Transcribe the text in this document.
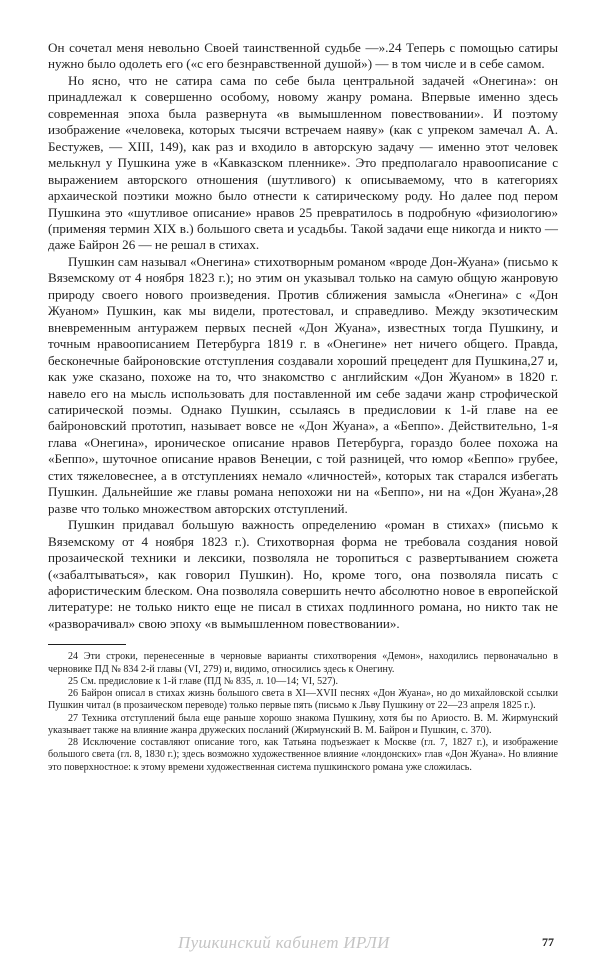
Он сочетал меня невольно Своей таинственной судьбе —».24 Теперь с помощью сатиры нужно было одолеть его («с его безнравственной душой») — в том числе и в себе самом.

Но ясно, что не сатира сама по себе была центральной задачей «Онегина»: он принадлежал к совершенно особому, новому жанру романа. Впервые именно здесь современная эпоха была развернута «в вымышленном повествовании». И поэтому изображение «человека, которых тысячи встречаем наяву» (как с упреком замечал А. А. Бестужев, — XIII, 149), как раз и входило в авторскую задачу — именно этот человек мелькнул у Пушкина уже в «Кавказском пленнике». Это предполагало нравоописание с выражением авторского отношения (шутливого) к описываемому, что в категориях архаической поэтики можно было отнести к сатирическому роду. Но далее под пером Пушкина это «шутливое описание» нравов 25 превратилось в подробную «физиологию» (применяя термин XIX в.) большого света и усадьбы. Такой задачи еще никогда и никто — даже Байрон 26 — не решал в стихах.

Пушкин сам называл «Онегина» стихотворным романом «вроде Дон-Жуана» (письмо к Вяземскому от 4 ноября 1823 г.); но этим он указывал только на самую общую жанровую природу своего нового произведения. Против сближения замысла «Онегина» с «Дон Жуаном» Пушкин, как мы видели, протестовал, и справедливо. Между экзотическим вневременным антуражем первых песней «Дон Жуана», известных тогда Пушкину, и точным нравоописанием Петербурга 1819 г. в «Онегине» нет ничего общего. Правда, бесконечные байроновские отступления создавали хороший прецедент для Пушкина,27 и, как уже сказано, похоже на то, что знакомство с английским «Дон Жуаном» в 1820 г. навело его на мысль использовать для поставленной им себе задачи жанр строфической сатирической поэмы. Однако Пушкин, ссылаясь в предисловии к 1-й главе на ее байроновский прототип, называет вовсе не «Дон Жуана», а «Беппо». Действительно, 1-я глава «Онегина», ироническое описание нравов Петербурга, гораздо более похожа на «Беппо», шуточное описание нравов Венеции, с той разницей, что юмор «Беппо» грубее, стих тяжеловеснее, а в отступлениях немало «личностей», которых так старался избегать Пушкин. Дальнейшие же главы романа непохожи ни на «Беппо», ни на «Дон Жуана»,28 разве что только множеством авторских отступлений.

Пушкин придавал большую важность определению «роман в стихах» (письмо к Вяземскому от 4 ноября 1823 г.). Стихотворная форма не требовала создания новой прозаической техники и лексики, позволяла не торопиться с развертыванием сюжета («забалтываться», как говорил Пушкин). Но, кроме того, она позволяла писать с афористическим блеском. Она позволяла совершить нечто абсолютно новое в европейской литературе: не только никто еще не писал в стихах подлинного романа, но никто так не «разворачивал» свою эпоху «в вымышленном повествовании».

24 Эти строки, перенесенные в черновые варианты стихотворения «Демон», находились первоначально в черновике ПД № 834 2-й главы (VI, 279) и, видимо, относились здесь к Онегину.

25 См. предисловие к 1-й главе (ПД № 835, л. 10—14; VI, 527).

26 Байрон описал в стихах жизнь большого света в XI—XVII песнях «Дон Жуана», но до михайловской ссылки Пушкин читал (в прозаическом переводе) только первые пять (письмо к Льву Пушкину от 22—23 апреля 1825 г.).

27 Техника отступлений была еще раньше хорошо знакома Пушкину, хотя бы по Ариосто. В. М. Жирмунский указывает также на влияние жанра дружеских посланий (Жирмунский В. М. Байрон и Пушкин, с. 370).

28 Исключение составляют описание того, как Татьяна подъезжает к Москве (гл. 7, 1827 г.), и изображение большого света (гл. 8, 1830 г.); здесь возможно художественное влияние «лондонских» глав «Дон Жуана». Но влияние это поверхностное: к этому времени художественная система пушкинского романа уже сложилась.

Пушкинский кабинет ИРЛИ	77
